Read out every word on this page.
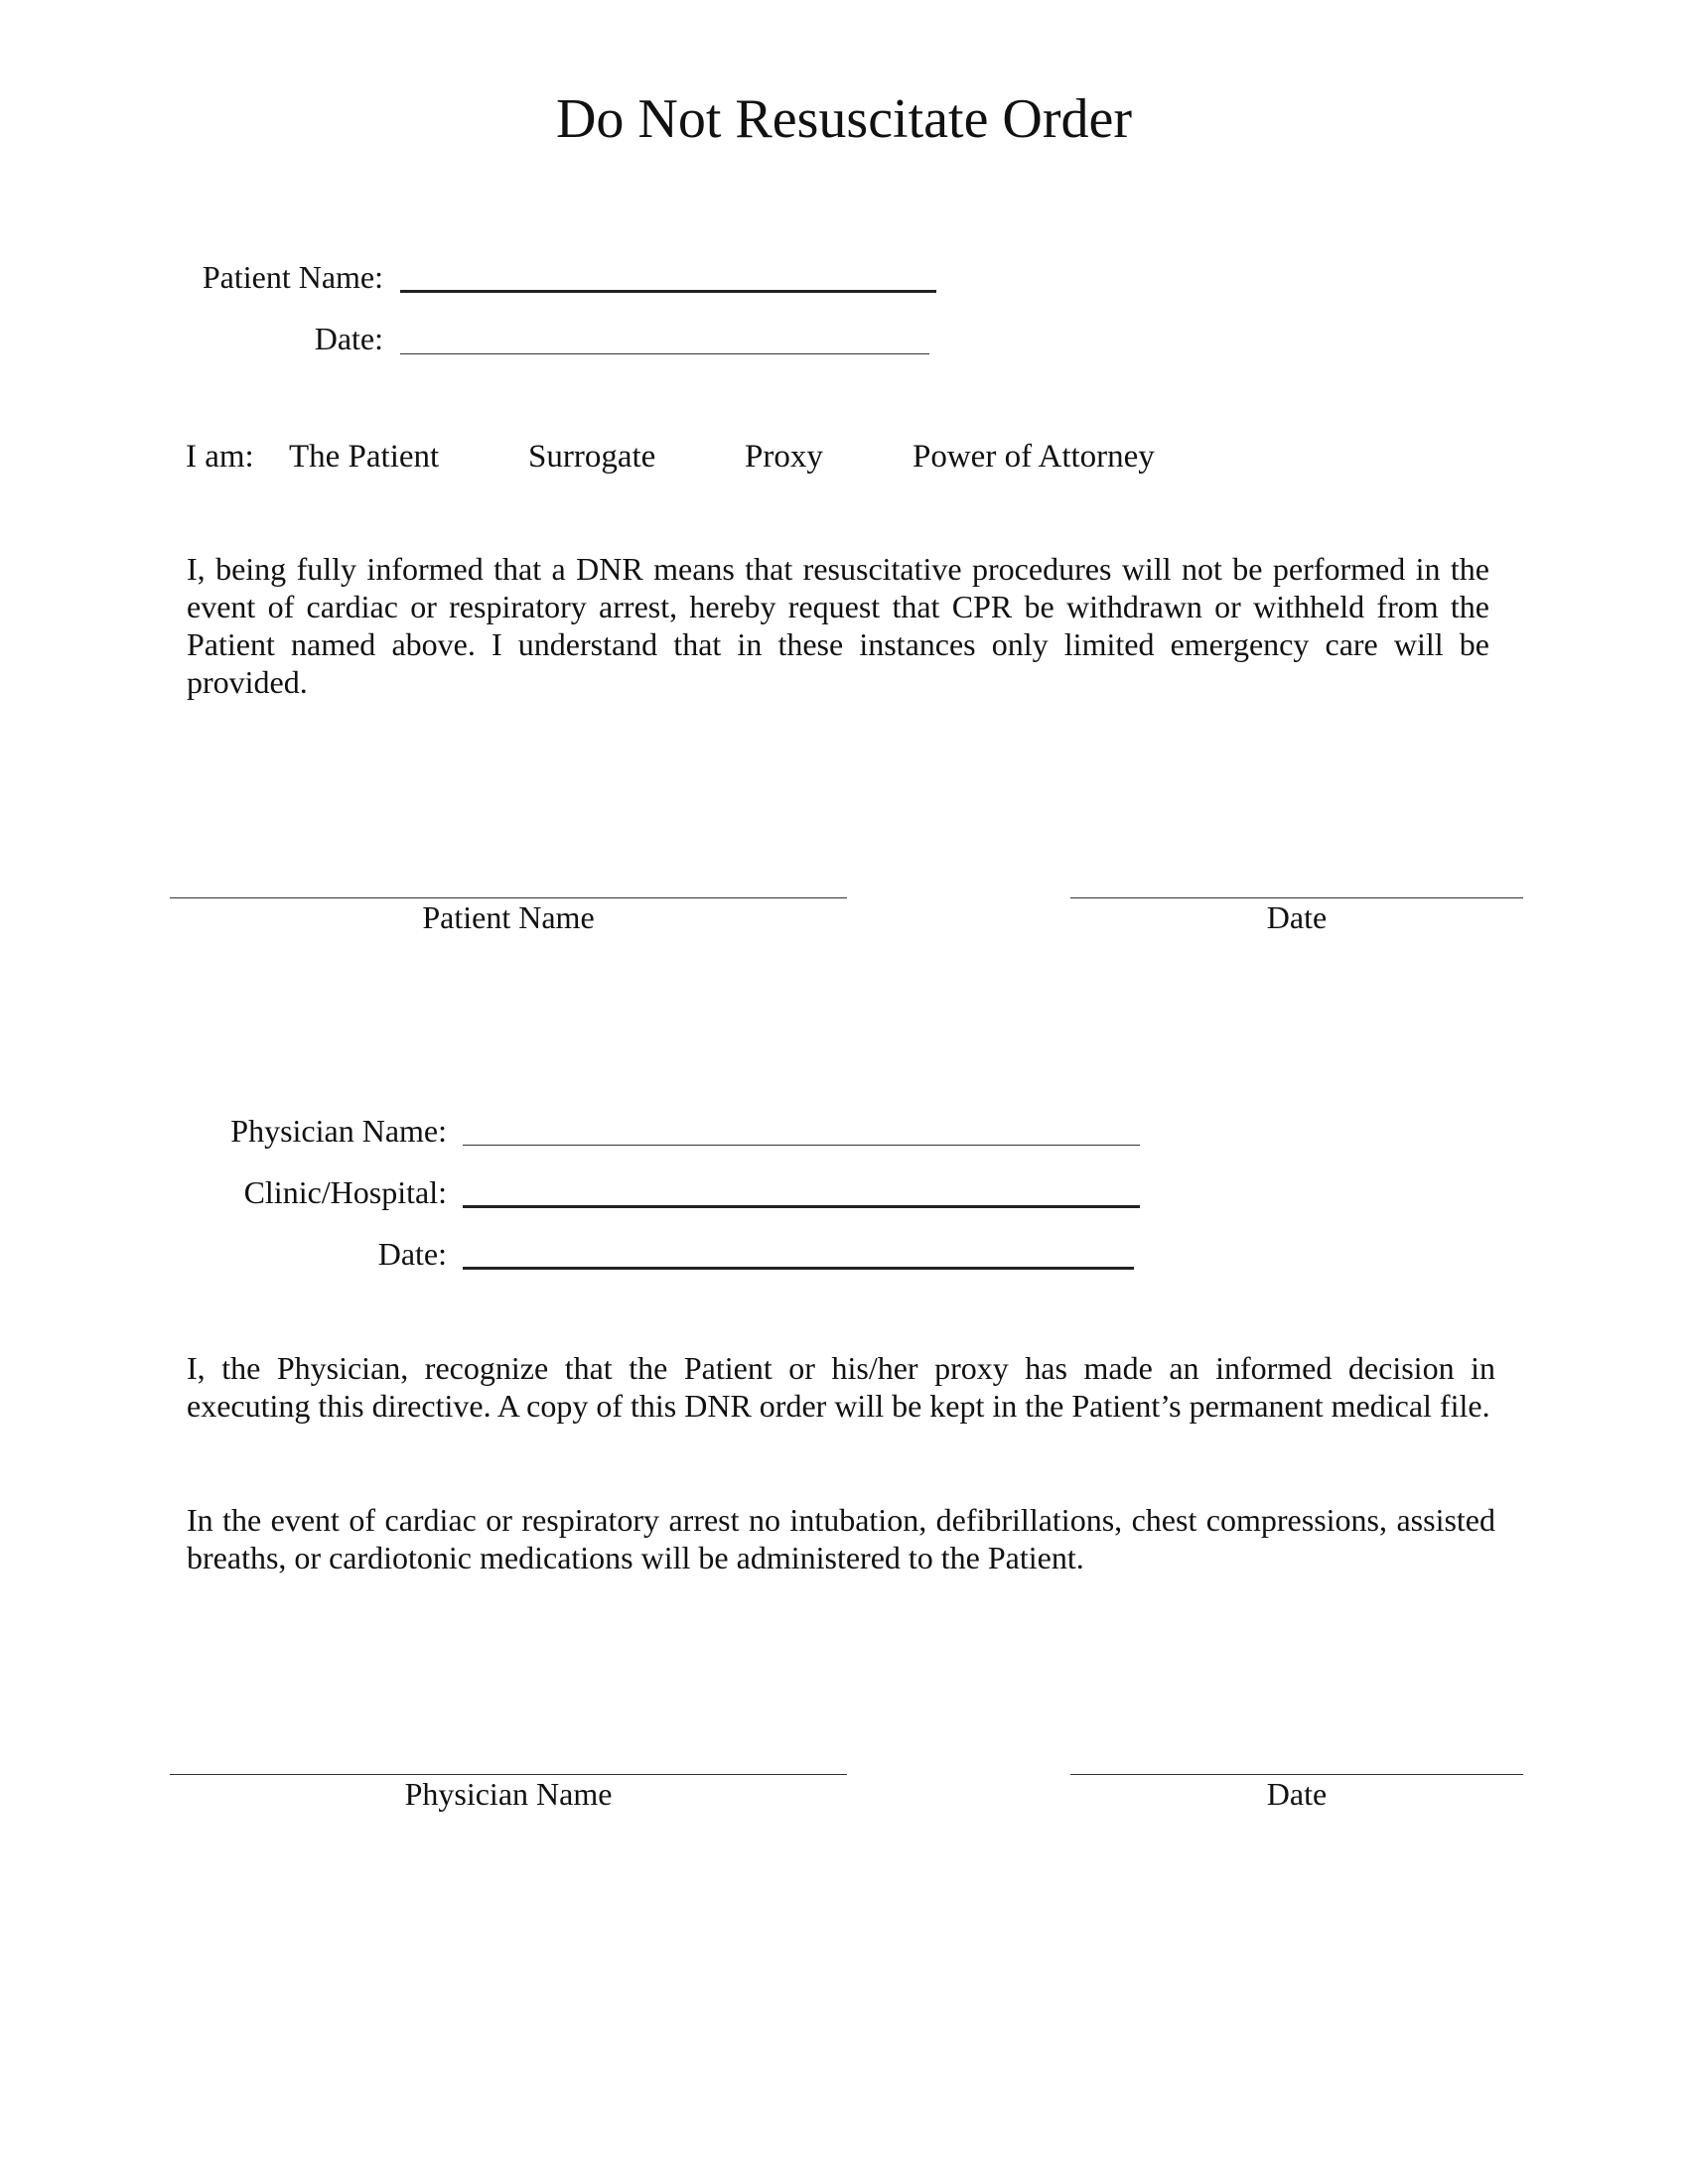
Do Not Resuscitate Order
Patient Name:
Date:
I am: The Patient	Surrogate	Proxy	Power of Attorney
I, being fully informed that a DNR means that resuscitative procedures will not be performed in the event of cardiac or respiratory arrest, hereby request that CPR be withdrawn or withheld from the Patient named above. I understand that in these instances only limited emergency care will be provided.
Patient Name	Date
Physician Name:
Clinic/Hospital:
Date:
I, the Physician, recognize that the Patient or his/her proxy has made an informed decision in executing this directive. A copy of this DNR order will be kept in the Patient’s permanent medical file.
In the event of cardiac or respiratory arrest no intubation, defibrillations, chest compressions, assisted breaths, or cardiotonic medications will be administered to the Patient.
Physician Name	Date
